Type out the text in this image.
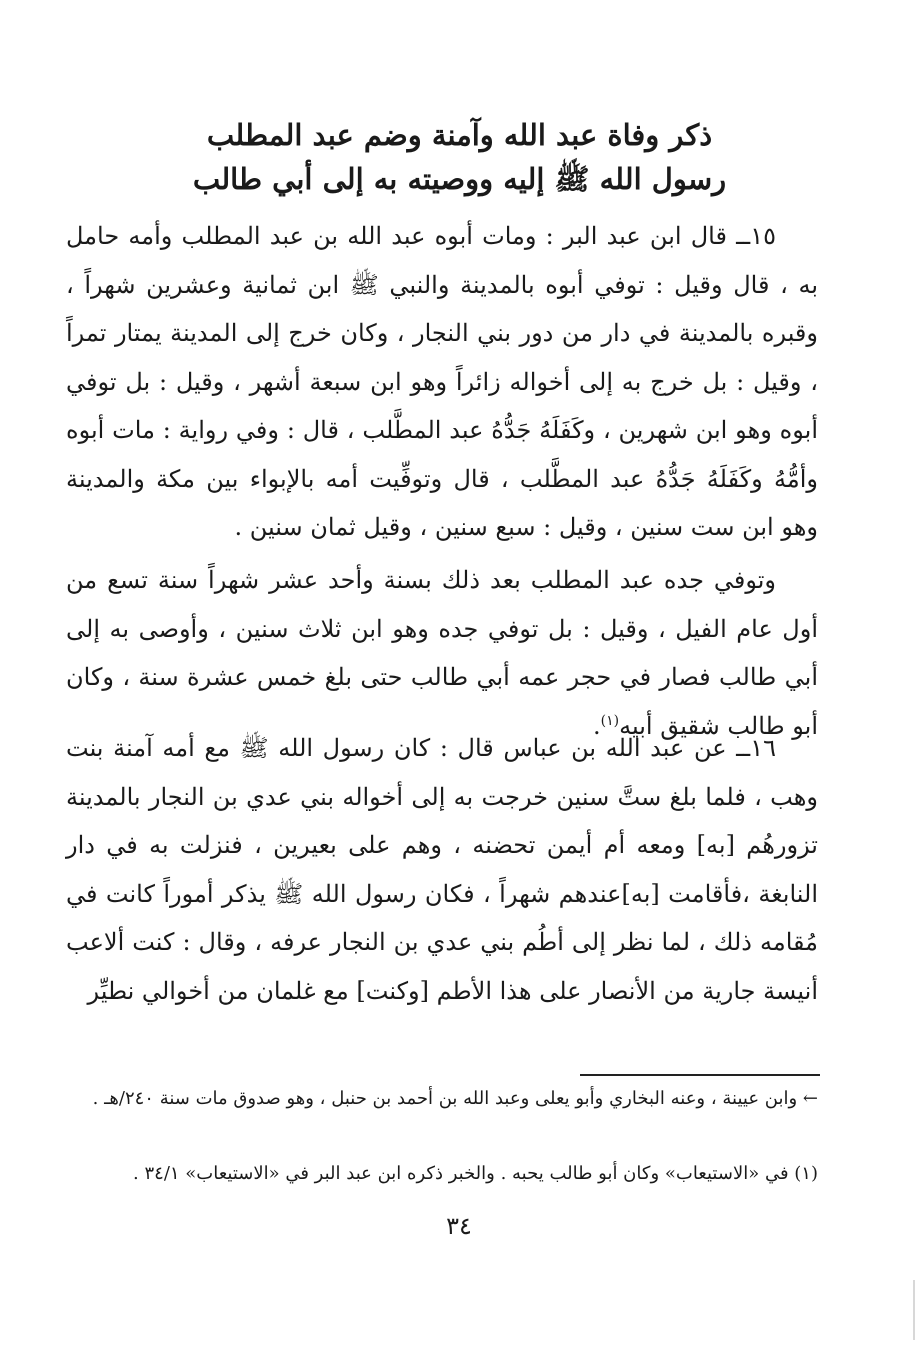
ذكر وفاة عبد الله وآمنة وضم عبد المطلب
رسول الله ﷺ إليه ووصيته به إلى أبي طالب

١٥ــ قال ابن عبد البر : ومات أبوه عبد الله بن عبد المطلب وأمه حامل به ، قال وقيل : توفي أبوه بالمدينة والنبي ﷺ ابن ثمانية وعشرين شهراً ، وقبره بالمدينة في دار من دور بني النجار ، وكان خرج إلى المدينة يمتار تمراً ، وقيل : بل خرج به إلى أخواله زائراً وهو ابن سبعة أشهر ، وقيل : بل توفي أبوه وهو ابن شهرين ، وكَفَلَهُ جَدُّهُ عبد المطَّلب ، قال : وفي رواية : مات أبوه وأمُّهُ وكَفَلَهُ جَدُّهُ عبد المطَّلب ، قال وتوفِّيت أمه بالإبواء بين مكة والمدينة وهو ابن ست سنين ، وقيل : سبع سنين ، وقيل ثمان سنين .

وتوفي جده عبد المطلب بعد ذلك بسنة وأحد عشر شهراً سنة تسع من أول عام الفيل ، وقيل : بل توفي جده وهو ابن ثلاث سنين ، وأوصى به إلى أبي طالب فصار في حجر عمه أبي طالب حتى بلغ خمس عشرة سنة ، وكان أبو طالب شقيق أبيه$^{(١)}$.

١٦ــ عن عبد الله بن عباس قال : كان رسول الله ﷺ مع أمه آمنة بنت وهب ، فلما بلغ ستَّ سنين خرجت به إلى أخواله بني عدي بن النجار بالمدينة تزورهُم [به] ومعه أم أيمن تحضنه ، وهم على بعيرين ، فنزلت به في دار النابغة ،فأقامت [به]عندهم شهراً ، فكان رسول الله ﷺ يذكر أموراً كانت في مُقامه ذلك ، لما نظر إلى أطُم بني عدي بن النجار عرفه ، وقال : كنت ألاعب أنيسة جارية من الأنصار على هذا الأطم [وكنت] مع غلمان من أخوالي نطيِّر

← وابن عيينة ، وعنه البخاري وأبو يعلى وعبد الله بن أحمد بن حنبل ، وهو صدوق مات سنة ٢٤٠/هـ .
(١) في «الاستيعاب» وكان أبو طالب يحبه . والخبر ذكره ابن عبد البر في «الاستيعاب» ٣٤/١ .
٣٤
